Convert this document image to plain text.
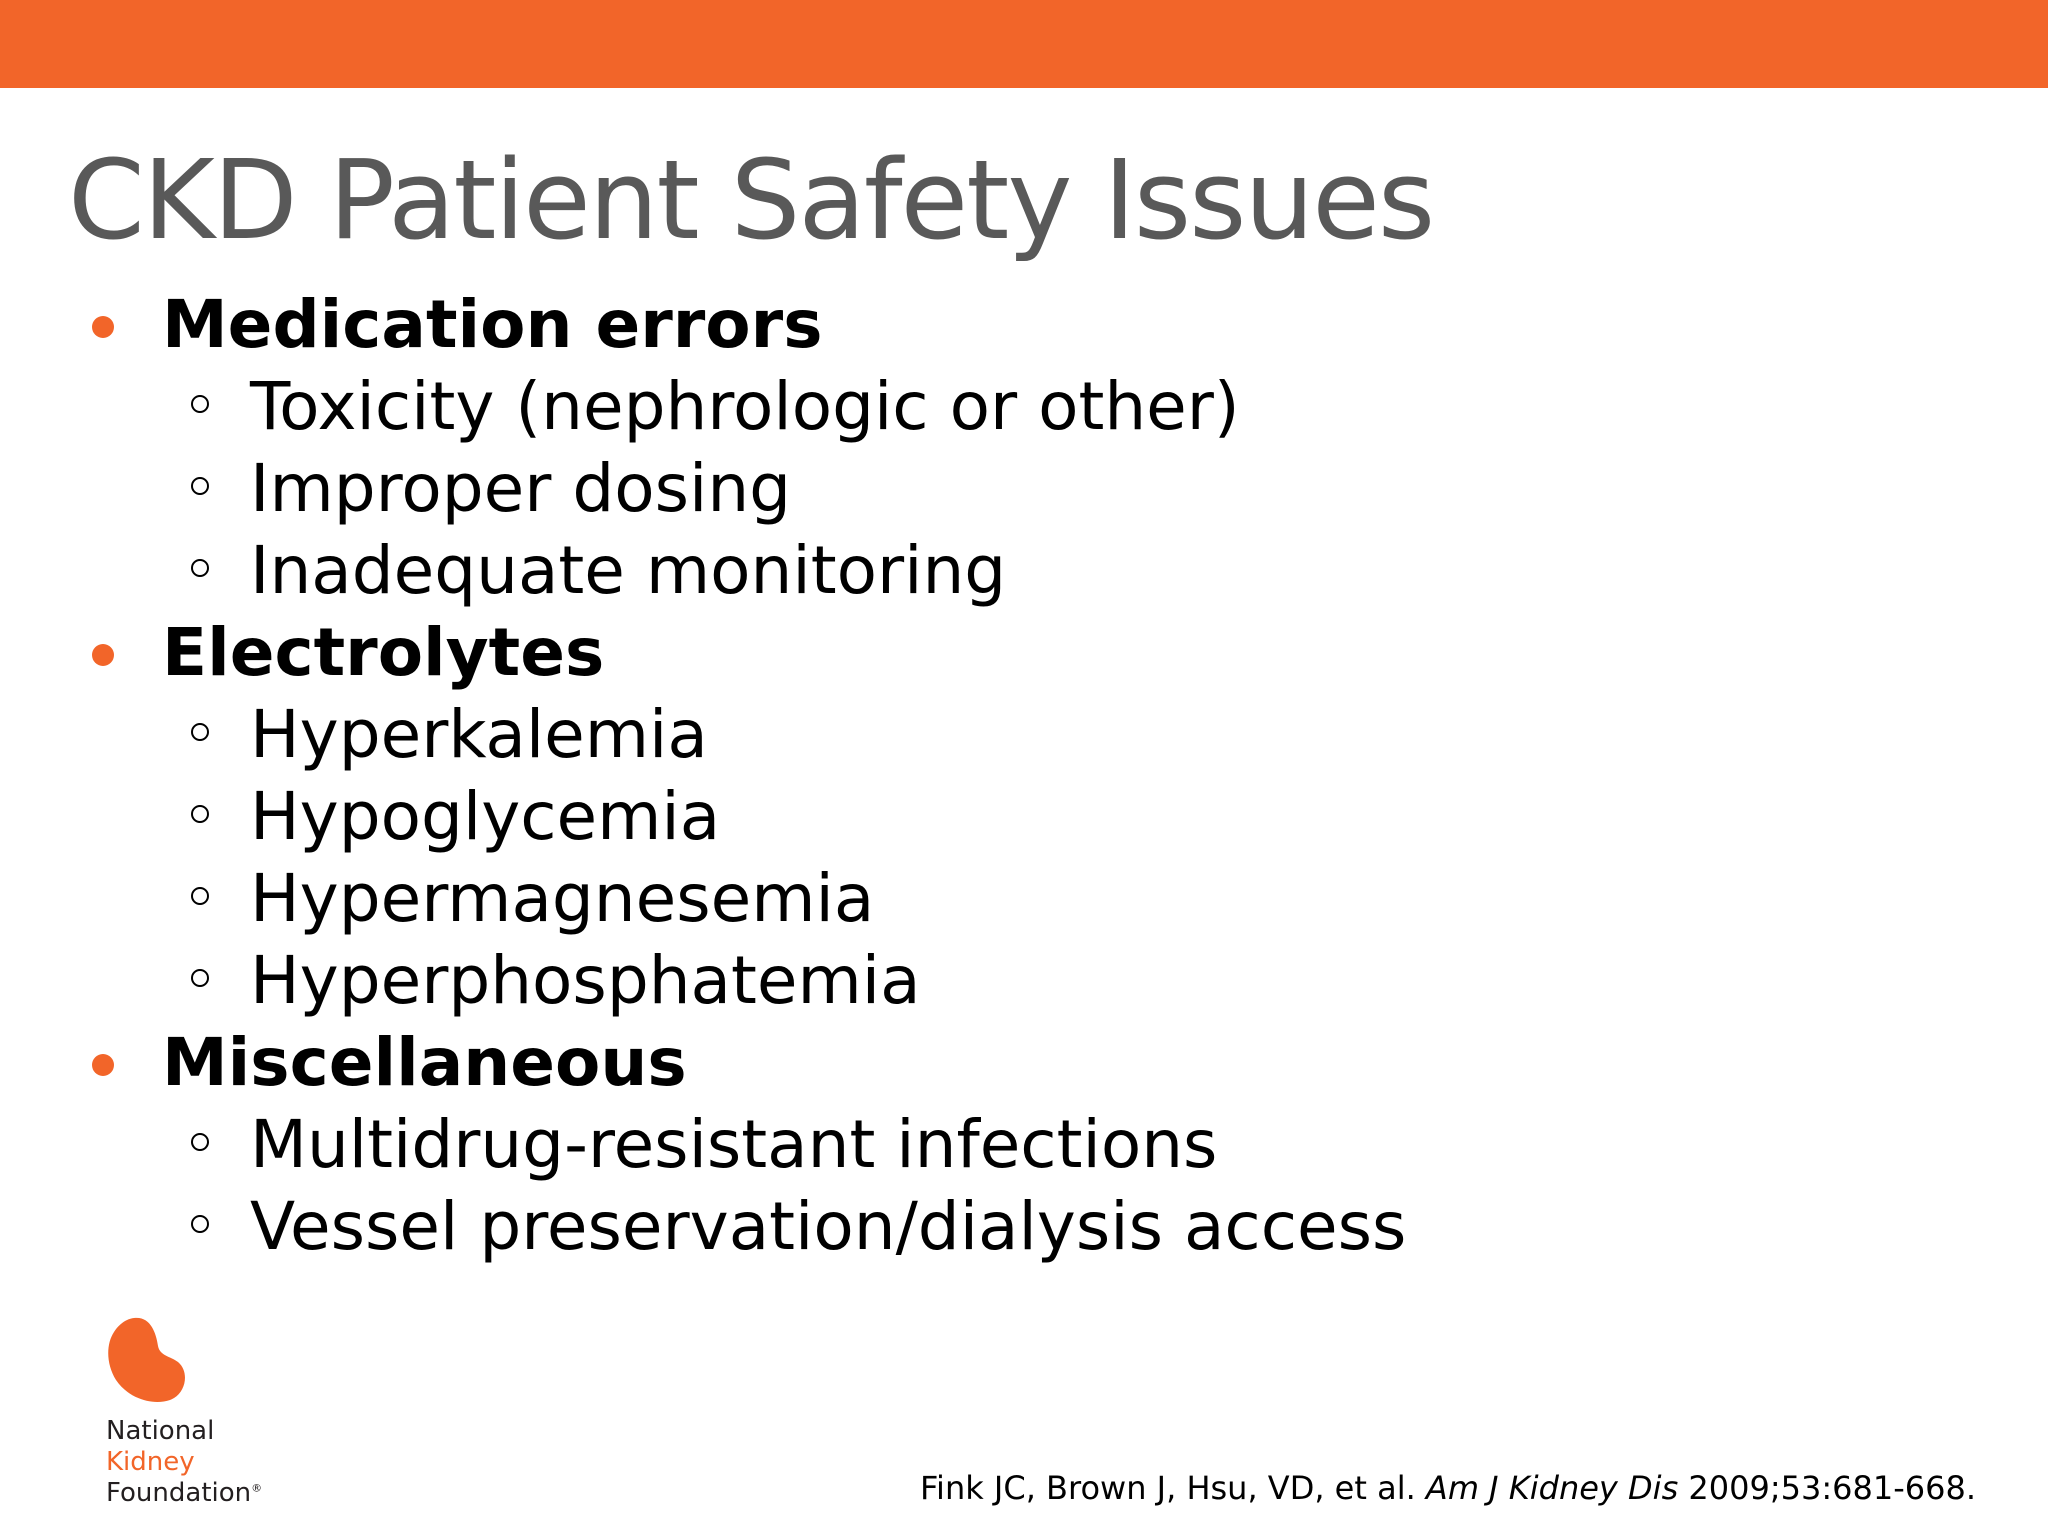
CKD Patient Safety Issues
Medication errors
Toxicity (nephrologic or other)
Improper dosing
Inadequate monitoring
Electrolytes
Hyperkalemia
Hypoglycemia
Hypermagnesemia
Hyperphosphatemia
Miscellaneous
Multidrug-resistant infections
Vessel preservation/dialysis access
National
Kidney
Foundation®	Fink JC, Brown J, Hsu, VD, et al. Am J Kidney Dis 2009;53:681-668.
